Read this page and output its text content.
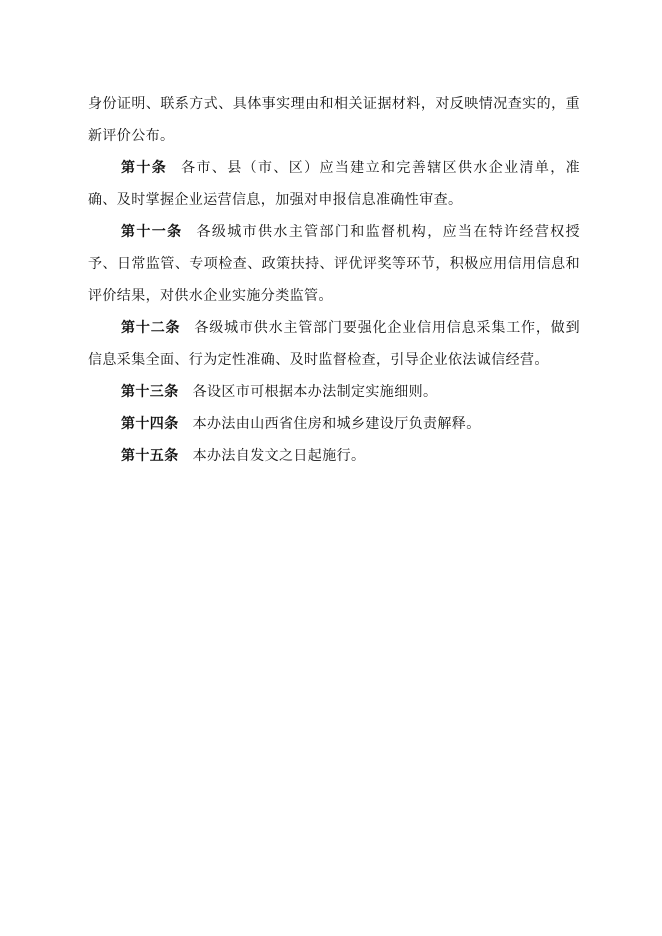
身份证明、联系方式、具体事实理由和相关证据材料，对反映情况查实的，重新评价公布。

第十条 各市、县（市、区）应当建立和完善辖区供水企业清单，准确、及时掌握企业运营信息，加强对申报信息准确性审查。

第十一条 各级城市供水主管部门和监督机构，应当在特许经营权授予、日常监管、专项检查、政策扶持、评优评奖等环节，积极应用信用信息和评价结果，对供水企业实施分类监管。

第十二条 各级城市供水主管部门要强化企业信用信息采集工作，做到信息采集全面、行为定性准确、及时监督检查，引导企业依法诚信经营。

第十三条 各设区市可根据本办法制定实施细则。

第十四条 本办法由山西省住房和城乡建设厅负责解释。

第十五条 本办法自发文之日起施行。
